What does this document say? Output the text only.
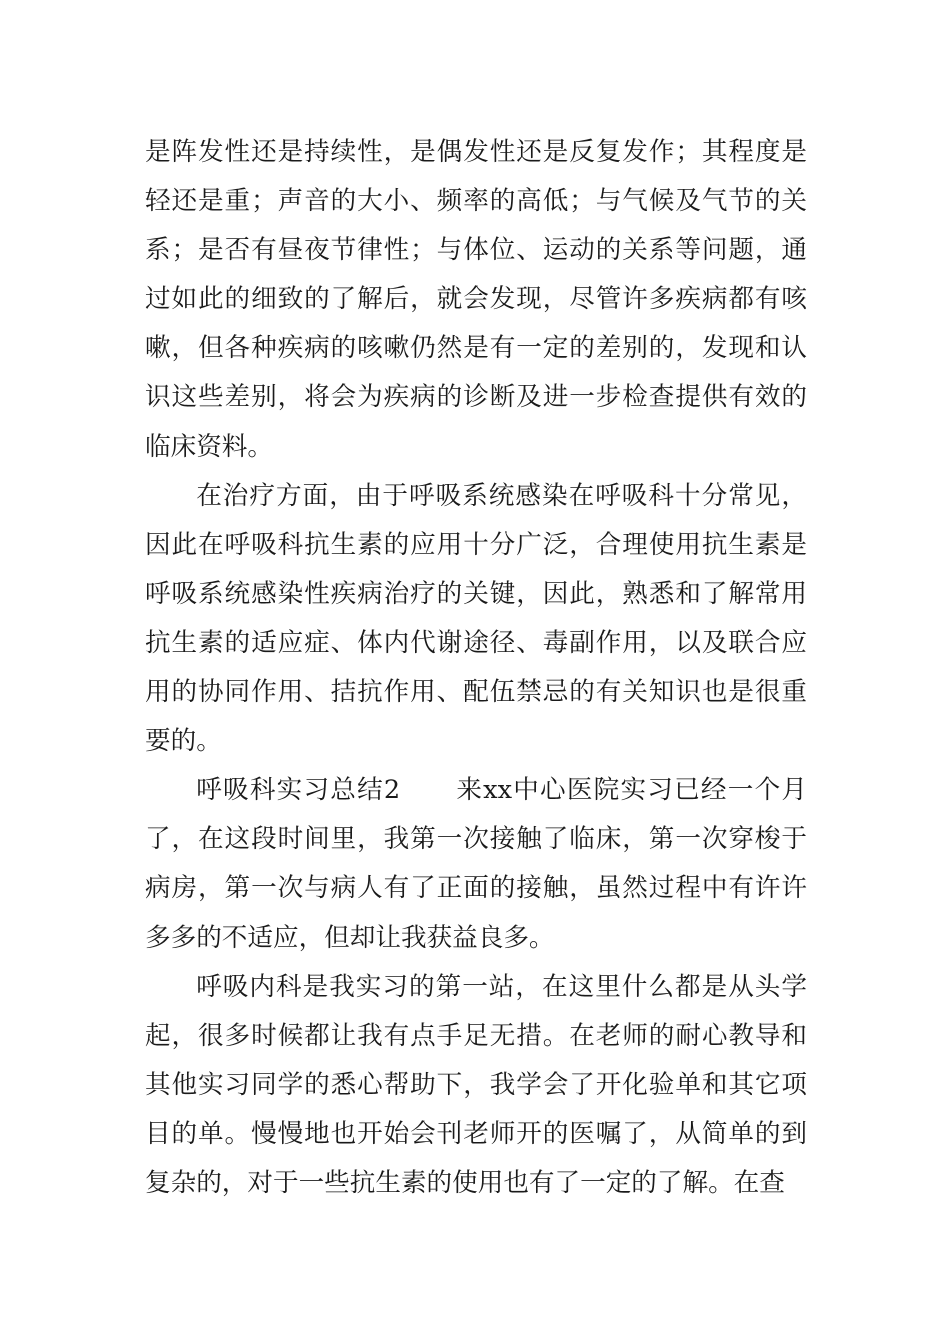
是阵发性还是持续性，是偶发性还是反复发作；其程度是轻还是重；声音的大小、频率的高低；与气候及气节的关系；是否有昼夜节律性；与体位、运动的关系等问题，通过如此的细致的了解后，就会发现，尽管许多疾病都有咳嗽，但各种疾病的咳嗽仍然是有一定的差别的，发现和认识这些差别，将会为疾病的诊断及进一步检查提供有效的临床资料。

在治疗方面，由于呼吸系统感染在呼吸科十分常见，因此在呼吸科抗生素的应用十分广泛，合理使用抗生素是呼吸系统感染性疾病治疗的关键，因此，熟悉和了解常用抗生素的适应症、体内代谢途径、毒副作用，以及联合应用的协同作用、拮抗作用、配伍禁忌的有关知识也是很重要的。

呼吸科实习总结2 来xx中心医院实习已经一个月了，在这段时间里，我第一次接触了临床，第一次穿梭于病房，第一次与病人有了正面的接触，虽然过程中有许许多多的不适应，但却让我获益良多。

呼吸内科是我实习的第一站，在这里什么都是从头学起，很多时候都让我有点手足无措。在老师的耐心教导和其他实习同学的悉心帮助下，我学会了开化验单和其它项目的单。慢慢地也开始会刊老师开的医嘱了，从简单的到复杂的，对于一些抗生素的使用也有了一定的了解。在查
